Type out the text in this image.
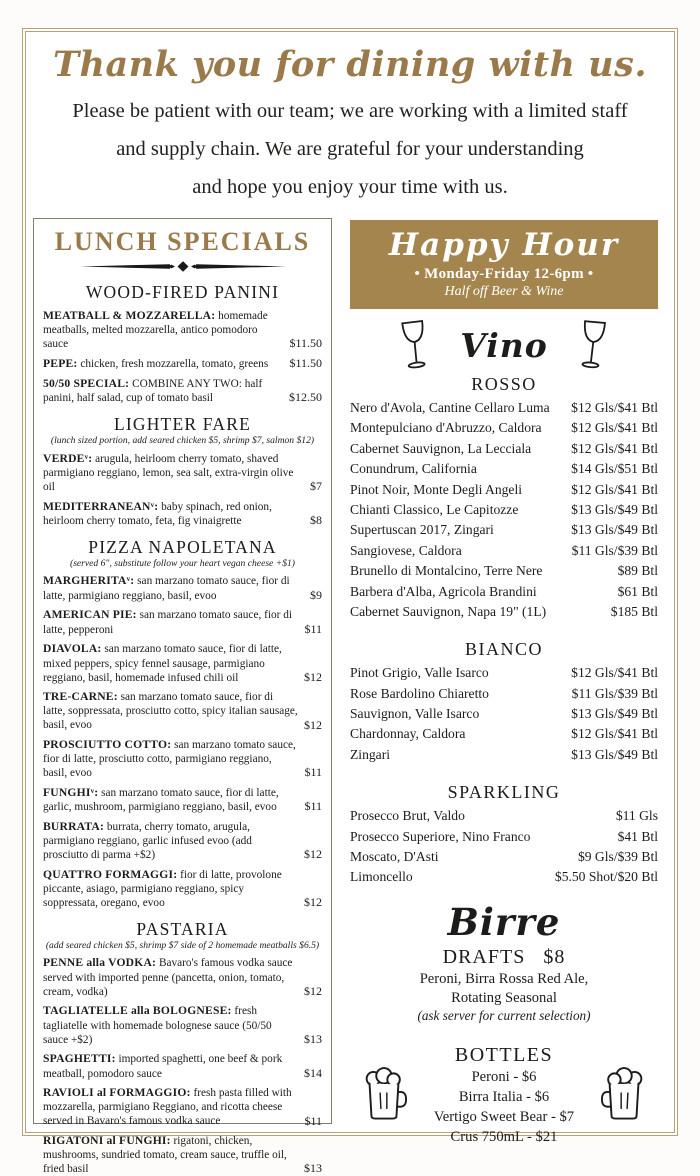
Thank you for dining with us.
Please be patient with our team; we are working with a limited staff
and supply chain. We are grateful for your understanding
and hope you enjoy your time with us.
LUNCH SPECIALS
WOOD-FIRED PANINI
MEATBALL & MOZZARELLA: homemade meatballs, melted mozzarella, antico pomodoro sauce	$11.50
PEPE: chicken, fresh mozzarella, tomato, greens	$11.50
50/50 SPECIAL: COMBINE ANY TWO: half panini, half salad, cup of tomato basil	$12.50
LIGHTER FARE
(lunch sized portion, add seared chicken $5, shrimp $7, salmon $12)
VERDEᵛ: arugula, heirloom cherry tomato, shaved parmigiano reggiano, lemon, sea salt, extra-virgin olive oil	$7
MEDITERRANEANᵛ: baby spinach, red onion, heirloom cherry tomato, feta, fig vinaigrette	$8
PIZZA NAPOLETANA
(served 6", substitute follow your heart vegan cheese +$1)
MARGHERITAᵛ: san marzano tomato sauce, fior di latte, parmigiano reggiano, basil, evoo	$9
AMERICAN PIE: san marzano tomato sauce, fior di latte, pepperoni	$11
DIAVOLA: san marzano tomato sauce, fior di latte, mixed peppers, spicy fennel sausage, parmigiano reggiano, basil, homemade infused chili oil	$12
TRE-CARNE: san marzano tomato sauce, fior di latte, soppressata, prosciutto cotto, spicy italian sausage, basil, evoo	$12
PROSCIUTTO COTTO: san marzano tomato sauce, fior di latte, prosciutto cotto, parmigiano reggiano, basil, evoo	$11
FUNGHIᵛ: san marzano tomato sauce, fior di latte, garlic, mushroom, parmigiano reggiano, basil, evoo	$11
BURRATA: burrata, cherry tomato, arugula, parmigiano reggiano, garlic infused evoo (add prosciutto di parma +$2)	$12
QUATTRO FORMAGGI: fior di latte, provolone piccante, asiago, parmigiano reggiano, spicy soppressata, oregano, evoo	$12
PASTARIA
(add seared chicken $5, shrimp $7 side of 2 homemade meatballs $6.5)
PENNE alla VODKA: Bavaro's famous vodka sauce served with imported penne (pancetta, onion, tomato, cream, vodka)	$12
TAGLIATELLE alla BOLOGNESE: fresh tagliatelle with homemade bolognese sauce (50/50 sauce +$2)	$13
SPAGHETTI: imported spaghetti, one beef & pork meatball, pomodoro sauce	$14
RAVIOLI al FORMAGGIO: fresh pasta filled with mozzarella, parmigiano Reggiano, and ricotta cheese served in Bavaro's famous vodka sauce	$11
RIGATONI al FUNGHI: rigatoni, chicken, mushrooms, sundried tomato, cream sauce, truffle oil, fried basil	$13
Happy Hour
• Monday-Friday 12-6pm •
Half off Beer & Wine
Vino
ROSSO
Nero d'Avola, Cantine Cellaro Luma $12 Gls/$41 Btl
Montepulciano d'Abruzzo, Caldora $12 Gls/$41 Btl
Cabernet Sauvignon, La Lecciala	$12 Gls/$41 Btl
Conundrum, California	$14 Gls/$51 Btl
Pinot Noir, Monte Degli Angeli	$12 Gls/$41 Btl
Chianti Classico, Le Capitozze	$13 Gls/$49 Btl
Supertuscan 2017, Zingari	$13 Gls/$49 Btl
Sangiovese, Caldora	$11 Gls/$39 Btl
Brunello di Montalcino, Terre Nere	$89 Btl
Barbera d'Alba, Agricola Brandini	$61 Btl
Cabernet Sauvignon, Napa 19" (1L)	$185 Btl
BIANCO
Pinot Grigio, Valle Isarco	$12 Gls/$41 Btl
Rose Bardolino Chiaretto	$11 Gls/$39 Btl
Sauvignon, Valle Isarco	$13 Gls/$49 Btl
Chardonnay, Caldora	$12 Gls/$41 Btl
Zingari	$13 Gls/$49 Btl
SPARKLING
Prosecco Brut, Valdo	$11 Gls
Prosecco Superiore, Nino Franco	$41 Btl
Moscato, D'Asti	$9 Gls/$39 Btl
Limoncello	$5.50 Shot/$20 Btl
Birre
DRAFTS $8
Peroni, Birra Rossa Red Ale,
Rotating Seasonal
(ask server for current selection)
BOTTLES
Peroni - $6
Birra Italia - $6
Vertigo Sweet Bear - $7
Crus 750mL - $21
